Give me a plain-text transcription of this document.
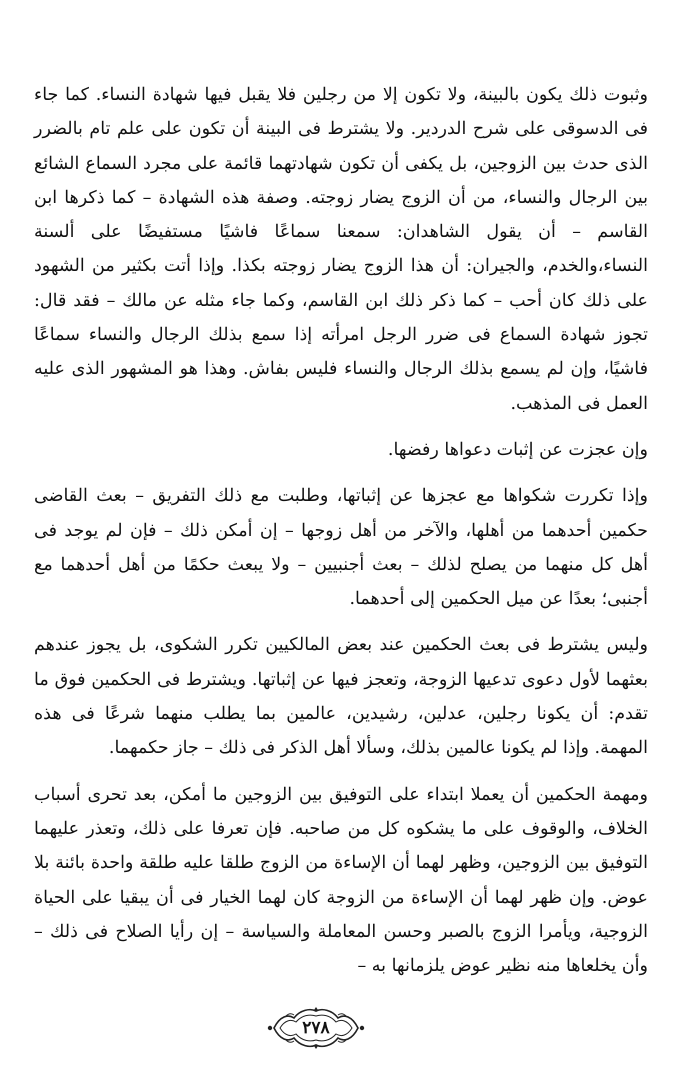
وثبوت ذلك يكون بالبينة، ولا تكون إلا من رجلين فلا يقبل فيها شهادة النساء. كما جاء فى الدسوقى على شرح الدردير. ولا يشترط فى البينة أن تكون على علم تام بالضرر الذى حدث بين الزوجين، بل يكفى أن تكون شهادتهما قائمة على مجرد السماع الشائع بين الرجال والنساء، من أن الزوج يضار زوجته. وصفة هذه الشهادة – كما ذكرها ابن القاسم – أن يقول الشاهدان: سمعنا سماعًا فاشيًا مستفيضًا على ألسنة النساء،والخدم، والجيران: أن هذا الزوج يضار زوجته بكذا. وإذا أتت بكثير من الشهود على ذلك كان أحب – كما ذكر ذلك ابن القاسم، وكما جاء مثله عن مالك – فقد قال: تجوز شهادة السماع فى ضرر الرجل امرأته إذا سمع بذلك الرجال والنساء سماعًا فاشيًا، وإن لم يسمع بذلك الرجال والنساء فليس بفاش. وهذا هو المشهور الذى عليه العمل فى المذهب.

وإن عجزت عن إثبات دعواها رفضها.

وإذا تكررت شكواها مع عجزها عن إثباتها، وطلبت مع ذلك التفريق – بعث القاضى حكمين أحدهما من أهلها، والآخر من أهل زوجها – إن أمكن ذلك – فإن لم يوجد فى أهل كل منهما من يصلح لذلك – بعث أجنبيين – ولا يبعث حكمًا من أهل أحدهما مع أجنبى؛ بعدًا عن ميل الحكمين إلى أحدهما.

وليس يشترط فى بعث الحكمين عند بعض المالكيين تكرر الشكوى، بل يجوز عندهم بعثهما لأول دعوى تدعيها الزوجة، وتعجز فيها عن إثباتها. ويشترط فى الحكمين فوق ما تقدم: أن يكونا رجلين، عدلين، رشيدين، عالمين بما يطلب منهما شرعًا فى هذه المهمة. وإذا لم يكونا عالمين بذلك، وسألا أهل الذكر فى ذلك – جاز حكمهما.

ومهمة الحكمين أن يعملا ابتداء على التوفيق بين الزوجين ما أمكن، بعد تحرى أسباب الخلاف، والوقوف على ما يشكوه كل من صاحبه. فإن تعرفا على ذلك، وتعذر عليهما التوفيق بين الزوجين، وظهر لهما أن الإساءة من الزوج طلقا عليه طلقة واحدة بائنة بلا عوض. وإن ظهر لهما أن الإساءة من الزوجة كان لهما الخيار فى أن يبقيا على الحياة الزوجية، ويأمرا الزوج بالصبر وحسن المعاملة والسياسة – إن رأيا الصلاح فى ذلك – وأن يخلعاها منه نظير عوض يلزمانها به –

٢٧٨
